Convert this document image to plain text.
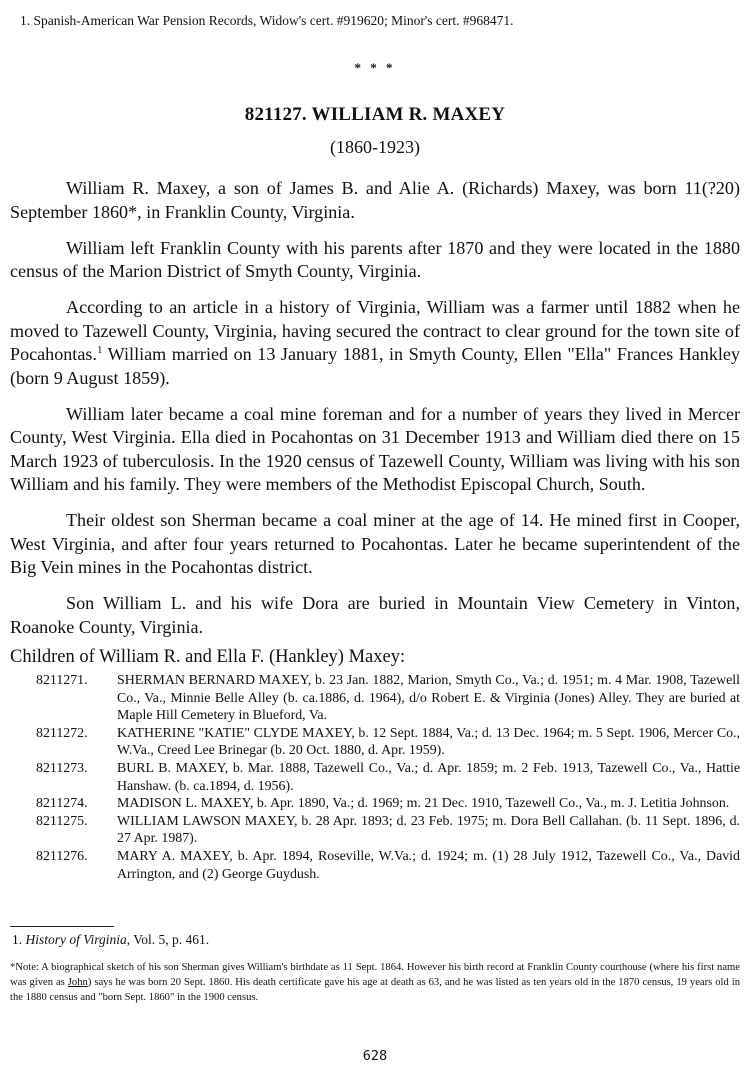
1. Spanish-American War Pension Records, Widow's cert. #919620; Minor's cert. #968471.
* * *
821127. WILLIAM R. MAXEY
(1860-1923)

William R. Maxey, a son of James B. and Alie A. (Richards) Maxey, was born 11(?20) September 1860*, in Franklin County, Virginia.

William left Franklin County with his parents after 1870 and they were located in the 1880 census of the Marion District of Smyth County, Virginia.

According to an article in a history of Virginia, William was a farmer until 1882 when he moved to Tazewell County, Virginia, having secured the contract to clear ground for the town site of Pocahontas.$^1$ William married on 13 January 1881, in Smyth County, Ellen "Ella" Frances Hankley (born 9 August 1859).

William later became a coal mine foreman and for a number of years they lived in Mercer County, West Virginia. Ella died in Pocahontas on 31 December 1913 and William died there on 15 March 1923 of tuberculosis. In the 1920 census of Tazewell County, William was living with his son William and his family. They were members of the Methodist Episcopal Church, South.

Their oldest son Sherman became a coal miner at the age of 14. He mined first in Cooper, West Virginia, and after four years returned to Pocahontas. Later he became superintendent of the Big Vein mines in the Pocahontas district.

Son William L. and his wife Dora are buried in Mountain View Cemetery in Vinton, Roanoke County, Virginia.

Children of William R. and Ella F. (Hankley) Maxey:
8211271.	SHERMAN BERNARD MAXEY, b. 23 Jan. 1882, Marion, Smyth Co., Va.; d. 1951; m. 4 Mar. 1908, Tazewell Co., Va., Minnie Belle Alley (b. ca.1886, d. 1964), d/o Robert E. & Virginia (Jones) Alley. They are buried at Maple Hill Cemetery in Blueford, Va.
8211272.	KATHERINE "KATIE" CLYDE MAXEY, b. 12 Sept. 1884, Va.; d. 13 Dec. 1964; m. 5 Sept. 1906, Mercer Co., W.Va., Creed Lee Brinegar (b. 20 Oct. 1880, d. Apr. 1959).
8211273.	BURL B. MAXEY, b. Mar. 1888, Tazewell Co., Va.; d. Apr. 1859; m. 2 Feb. 1913, Tazewell Co., Va., Hattie Hanshaw. (b. ca.1894, d. 1956).
8211274.	MADISON L. MAXEY, b. Apr. 1890, Va.; d. 1969; m. 21 Dec. 1910, Tazewell Co., Va., m. J. Letitia Johnson.
8211275.	WILLIAM LAWSON MAXEY, b. 28 Apr. 1893; d. 23 Feb. 1975; m. Dora Bell Callahan. (b. 11 Sept. 1896, d. 27 Apr. 1987).
8211276.	MARY A. MAXEY, b. Apr. 1894, Roseville, W.Va.; d. 1924; m. (1) 28 July 1912, Tazewell Co., Va., David Arrington, and (2) George Guydush.
1. History of Virginia, Vol. 5, p. 461.
*Note: A biographical sketch of his son Sherman gives William's birthdate as 11 Sept. 1864. However his birth record at Franklin County courthouse (where his first name was given as John) says he was born 20 Sept. 1860. His death certificate gave his age at death as 63, and he was listed as ten years old in the 1870 census, 19 years old in the 1880 census and "born Sept. 1860" in the 1900 census.
628
